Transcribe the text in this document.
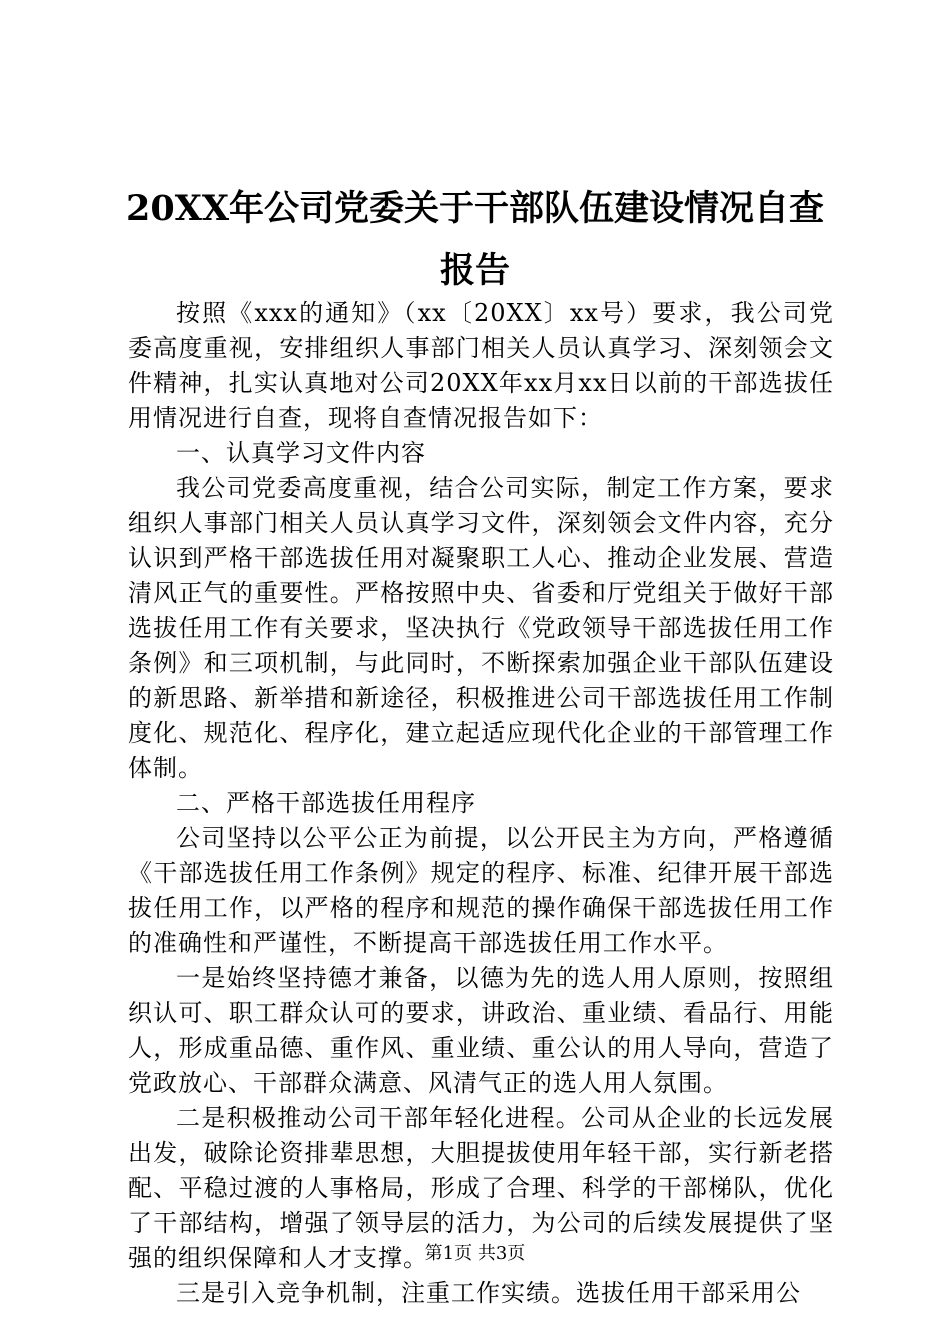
20XX年公司党委关于干部队伍建设情况自查
报告

按照《xxx的通知》（xx〔20XX〕xx号）要求，我公司党委高度重视，安排组织人事部门相关人员认真学习、深刻领会文件精神，扎实认真地对公司20XX年xx月xx日以前的干部选拔任用情况进行自查，现将自查情况报告如下：

一、认真学习文件内容

我公司党委高度重视，结合公司实际，制定工作方案，要求组织人事部门相关人员认真学习文件，深刻领会文件内容，充分认识到严格干部选拔任用对凝聚职工人心、推动企业发展、营造清风正气的重要性。严格按照中央、省委和厅党组关于做好干部选拔任用工作有关要求，坚决执行《党政领导干部选拔任用工作条例》和三项机制，与此同时，不断探索加强企业干部队伍建设的新思路、新举措和新途径，积极推进公司干部选拔任用工作制度化、规范化、程序化，建立起适应现代化企业的干部管理工作体制。

二、严格干部选拔任用程序

公司坚持以公平公正为前提，以公开民主为方向，严格遵循《干部选拔任用工作条例》规定的程序、标准、纪律开展干部选拔任用工作，以严格的程序和规范的操作确保干部选拔任用工作的准确性和严谨性，不断提高干部选拔任用工作水平。

一是始终坚持德才兼备，以德为先的选人用人原则，按照组织认可、职工群众认可的要求，讲政治、重业绩、看品行、用能人，形成重品德、重作风、重业绩、重公认的用人导向，营造了党政放心、干部群众满意、风清气正的选人用人氛围。

二是积极推动公司干部年轻化进程。公司从企业的长远发展出发，破除论资排辈思想，大胆提拔使用年轻干部，实行新老搭配、平稳过渡的人事格局，形成了合理、科学的干部梯队，优化了干部结构，增强了领导层的活力，为公司的后续发展提供了坚强的组织保障和人才支撑。

三是引入竞争机制，注重工作实绩。选拔任用干部采用公

第1页 共3页
